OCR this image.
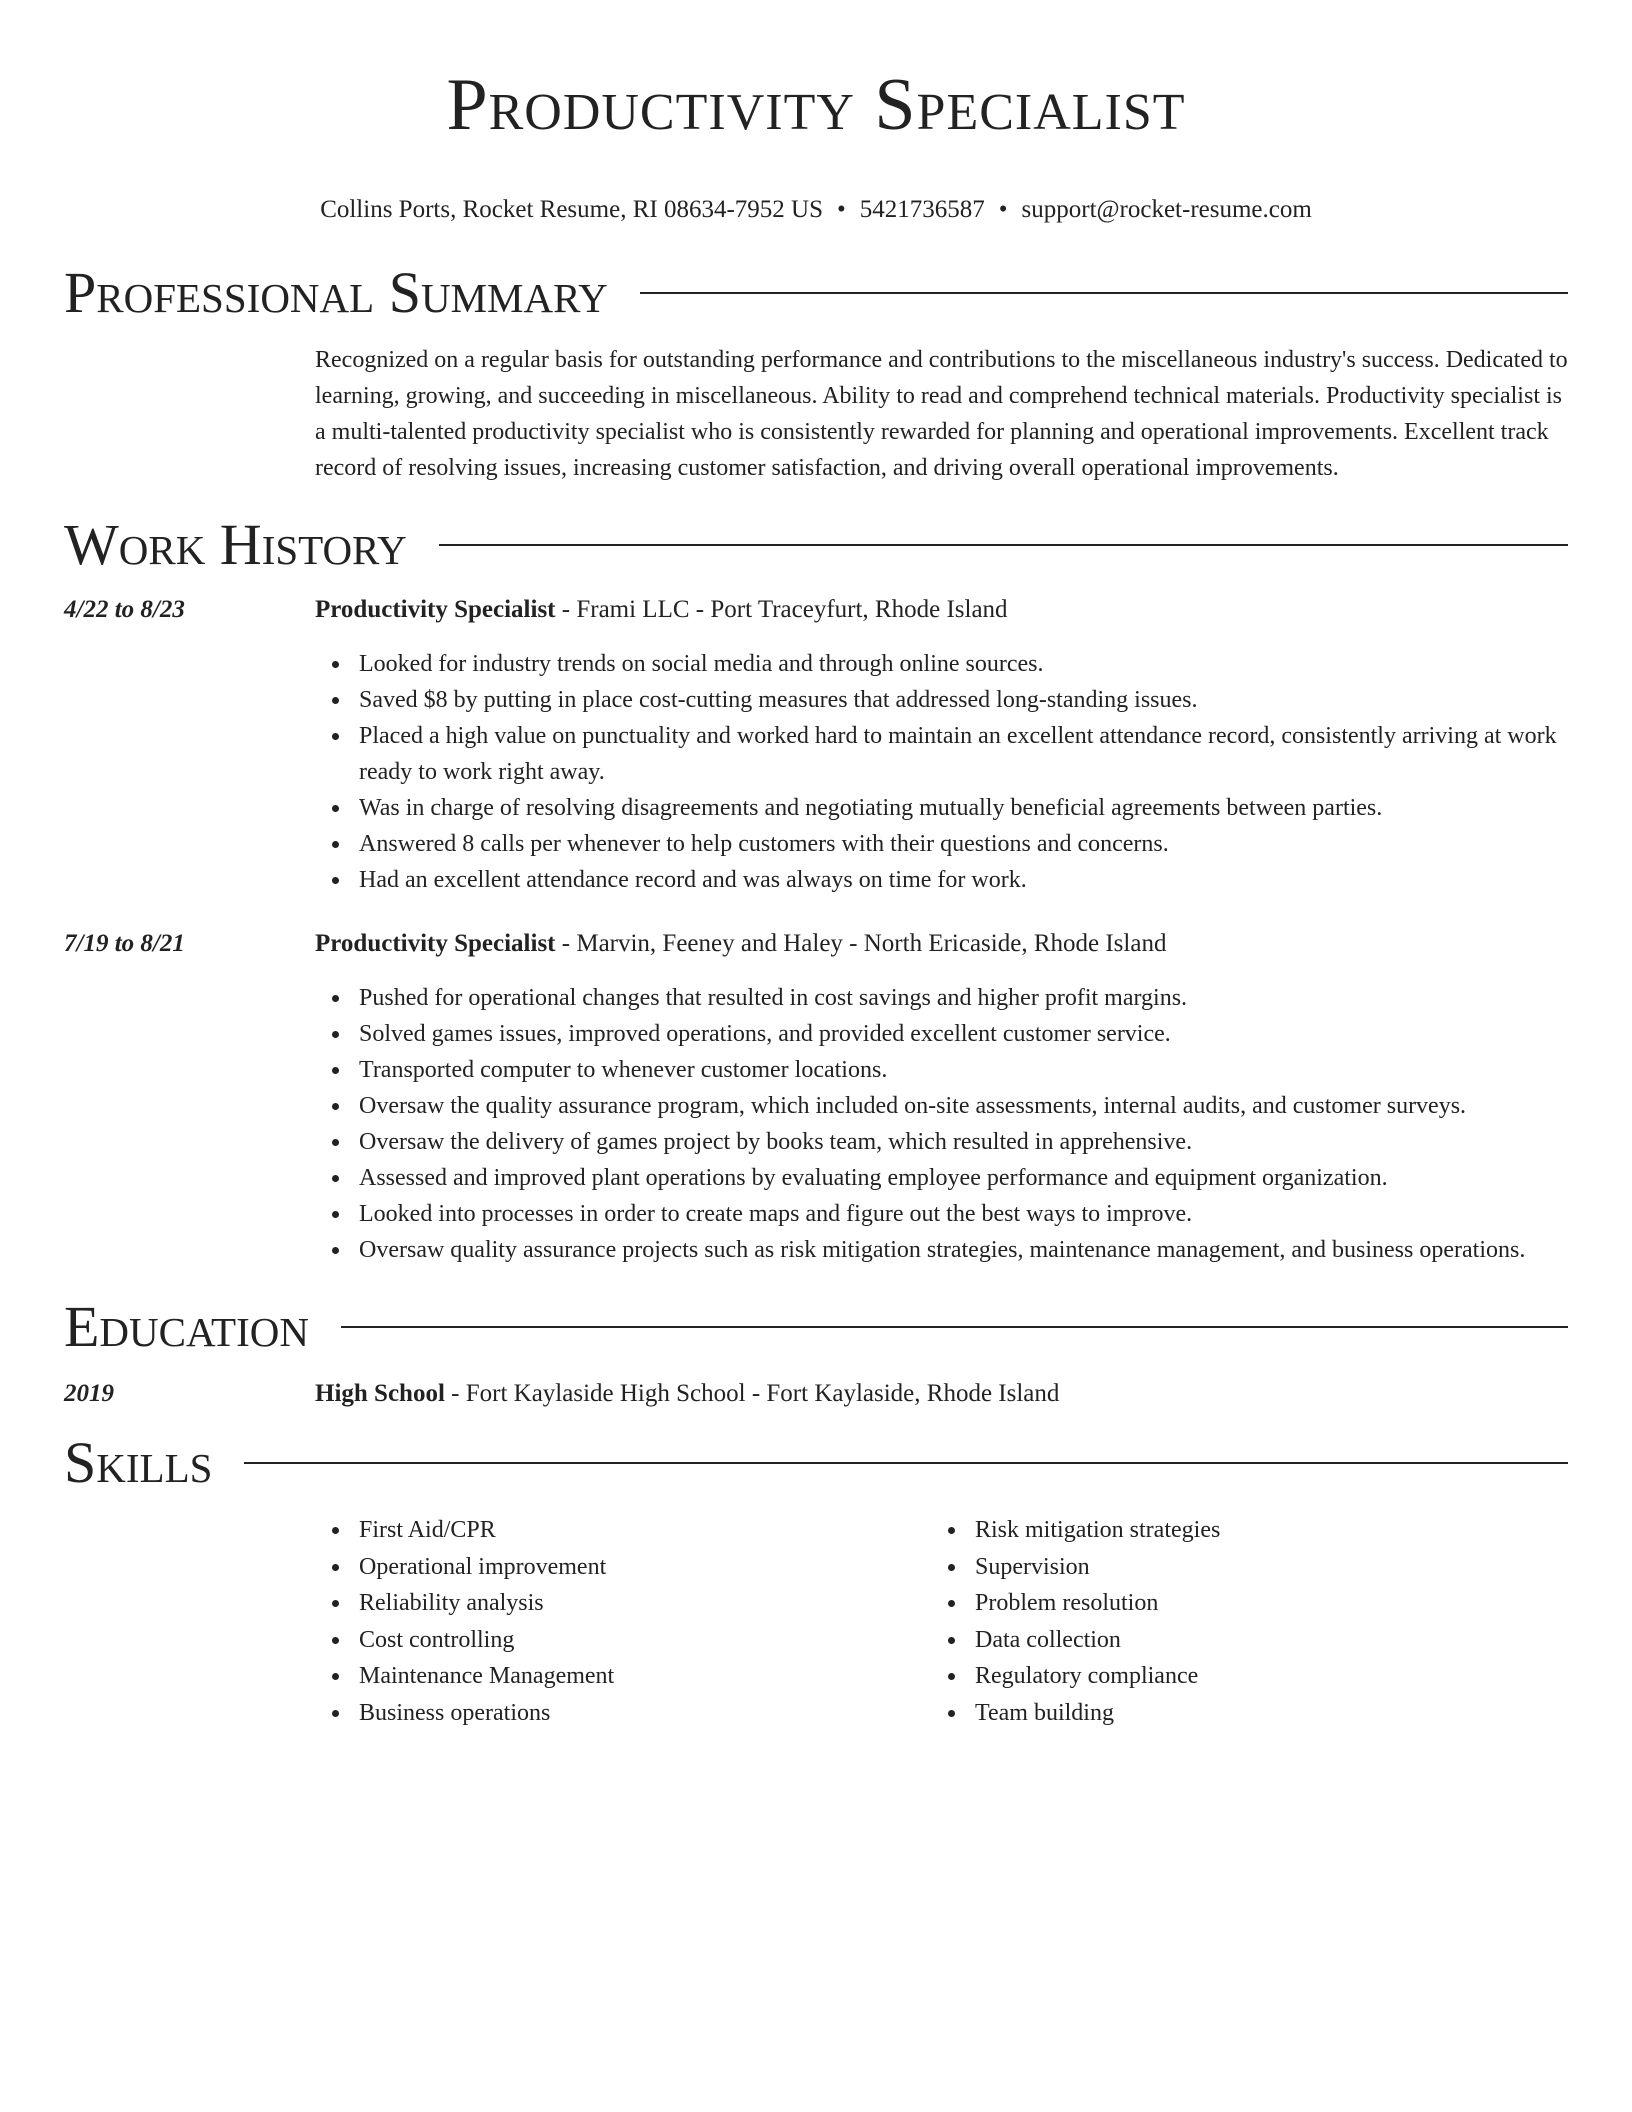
Productivity Specialist
Collins Ports, Rocket Resume, RI 08634-7952 US • 5421736587 • support@rocket-resume.com
Professional Summary
Recognized on a regular basis for outstanding performance and contributions to the miscellaneous industry's success. Dedicated to learning, growing, and succeeding in miscellaneous. Ability to read and comprehend technical materials. Productivity specialist is a multi-talented productivity specialist who is consistently rewarded for planning and operational improvements. Excellent track record of resolving issues, increasing customer satisfaction, and driving overall operational improvements.
Work History
4/22 to 8/23	Productivity Specialist - Frami LLC - Port Traceyfurt, Rhode Island
Looked for industry trends on social media and through online sources.
Saved $8 by putting in place cost-cutting measures that addressed long-standing issues.
Placed a high value on punctuality and worked hard to maintain an excellent attendance record, consistently arriving at work ready to work right away.
Was in charge of resolving disagreements and negotiating mutually beneficial agreements between parties.
Answered 8 calls per whenever to help customers with their questions and concerns.
Had an excellent attendance record and was always on time for work.
7/19 to 8/21	Productivity Specialist - Marvin, Feeney and Haley - North Ericaside, Rhode Island
Pushed for operational changes that resulted in cost savings and higher profit margins.
Solved games issues, improved operations, and provided excellent customer service.
Transported computer to whenever customer locations.
Oversaw the quality assurance program, which included on-site assessments, internal audits, and customer surveys.
Oversaw the delivery of games project by books team, which resulted in apprehensive.
Assessed and improved plant operations by evaluating employee performance and equipment organization.
Looked into processes in order to create maps and figure out the best ways to improve.
Oversaw quality assurance projects such as risk mitigation strategies, maintenance management, and business operations.
Education
2019	High School - Fort Kaylaside High School - Fort Kaylaside, Rhode Island
Skills
First Aid/CPR
Operational improvement
Reliability analysis
Cost controlling
Maintenance Management
Business operations
Risk mitigation strategies
Supervision
Problem resolution
Data collection
Regulatory compliance
Team building
